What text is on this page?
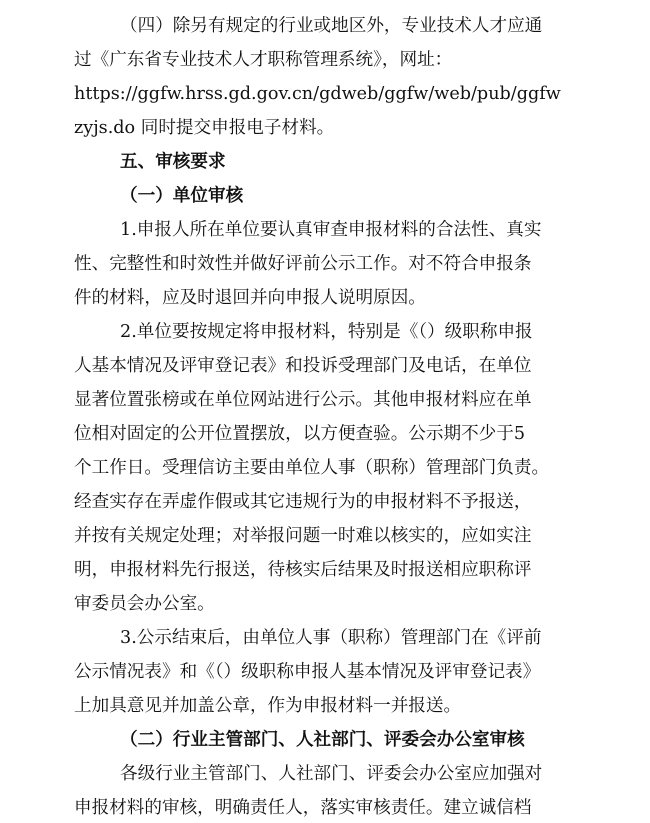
（四）除另有规定的行业或地区外，专业技术人才应通
过《广东省专业技术人才职称管理系统》，网址：
https://ggfw.hrss.gd.gov.cn/gdweb/ggfw/web/pub/ggfw
zyjs.do 同时提交申报电子材料。
五、审核要求
（一）单位审核
1.申报人所在单位要认真审查申报材料的合法性、真实
性、完整性和时效性并做好评前公示工作。对不符合申报条
件的材料，应及时退回并向申报人说明原因。
2.单位要按规定将申报材料，特别是《（）级职称申报
人基本情况及评审登记表》和投诉受理部门及电话，在单位
显著位置张榜或在单位网站进行公示。其他申报材料应在单
位相对固定的公开位置摆放，以方便查验。公示期不少于5
个工作日。受理信访主要由单位人事（职称）管理部门负责。
经查实存在弄虚作假或其它违规行为的申报材料不予报送，
并按有关规定处理；对举报问题一时难以核实的，应如实注
明，申报材料先行报送，待核实后结果及时报送相应职称评
审委员会办公室。
3.公示结束后，由单位人事（职称）管理部门在《评前
公示情况表》和《（）级职称申报人基本情况及评审登记表》
上加具意见并加盖公章，作为申报材料一并报送。
（二）行业主管部门、人社部门、评委会办公室审核
各级行业主管部门、人社部门、评委会办公室应加强对
申报材料的审核，明确责任人，落实审核责任。建立诚信档
